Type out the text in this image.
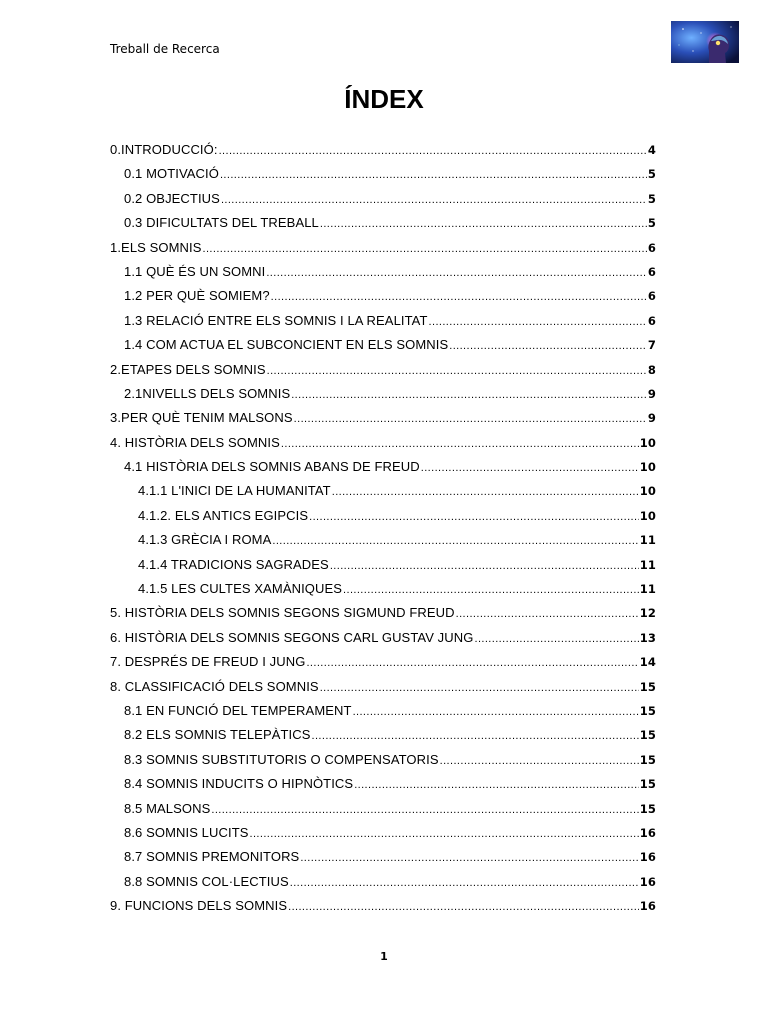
Treball de Recerca
ÍNDEX
0.INTRODUCCIÓ: .....	4
0.1 MOTIVACIÓ .....	5
0.2 OBJECTIUS .....	5
0.3 DIFICULTATS DEL TREBALL .....	5
1.ELS SOMNIS .....	6
1.1 QUÈ ÉS UN SOMNI .....	6
1.2 PER QUÈ SOMIEM? .....	6
1.3 RELACIÓ ENTRE ELS SOMNIS I LA REALITAT .....	6
1.4 COM ACTUA EL SUBCONCIENT EN ELS SOMNIS .....	7
2.ETAPES DELS SOMNIS .....	8
2.1NIVELLS DELS SOMNIS .....	9
3.PER QUÈ TENIM MALSONS .....	9
4. HISTÒRIA DELS SOMNIS .....	10
4.1 HISTÒRIA DELS SOMNIS ABANS DE FREUD .....	10
4.1.1 L'INICI DE LA HUMANITAT .....	10
4.1.2. ELS ANTICS EGIPCIS .....	10
4.1.3 GRÈCIA I ROMA .....	11
4.1.4 TRADICIONS SAGRADES .....	11
4.1.5 LES CULTES XAMÀNIQUES .....	11
5. HISTÒRIA DELS SOMNIS SEGONS SIGMUND FREUD .....	12
6. HISTÒRIA DELS SOMNIS SEGONS CARL GUSTAV JUNG .....	13
7. DESPRÉS DE FREUD I JUNG .....	14
8. CLASSIFICACIÓ DELS SOMNIS .....	15
8.1 EN FUNCIÓ DEL TEMPERAMENT .....	15
8.2 ELS SOMNIS TELEPÀTICS .....	15
8.3 SOMNIS SUBSTITUTORIS O COMPENSATORIS .....	15
8.4 SOMNIS INDUCITS O HIPNÒTICS .....	15
8.5 MALSONS .....	15
8.6 SOMNIS LUCITS .....	16
8.7 SOMNIS PREMONITORS .....	16
8.8 SOMNIS COL·LECTIUS .....	16
9. FUNCIONS DELS SOMNIS .....	16
1
